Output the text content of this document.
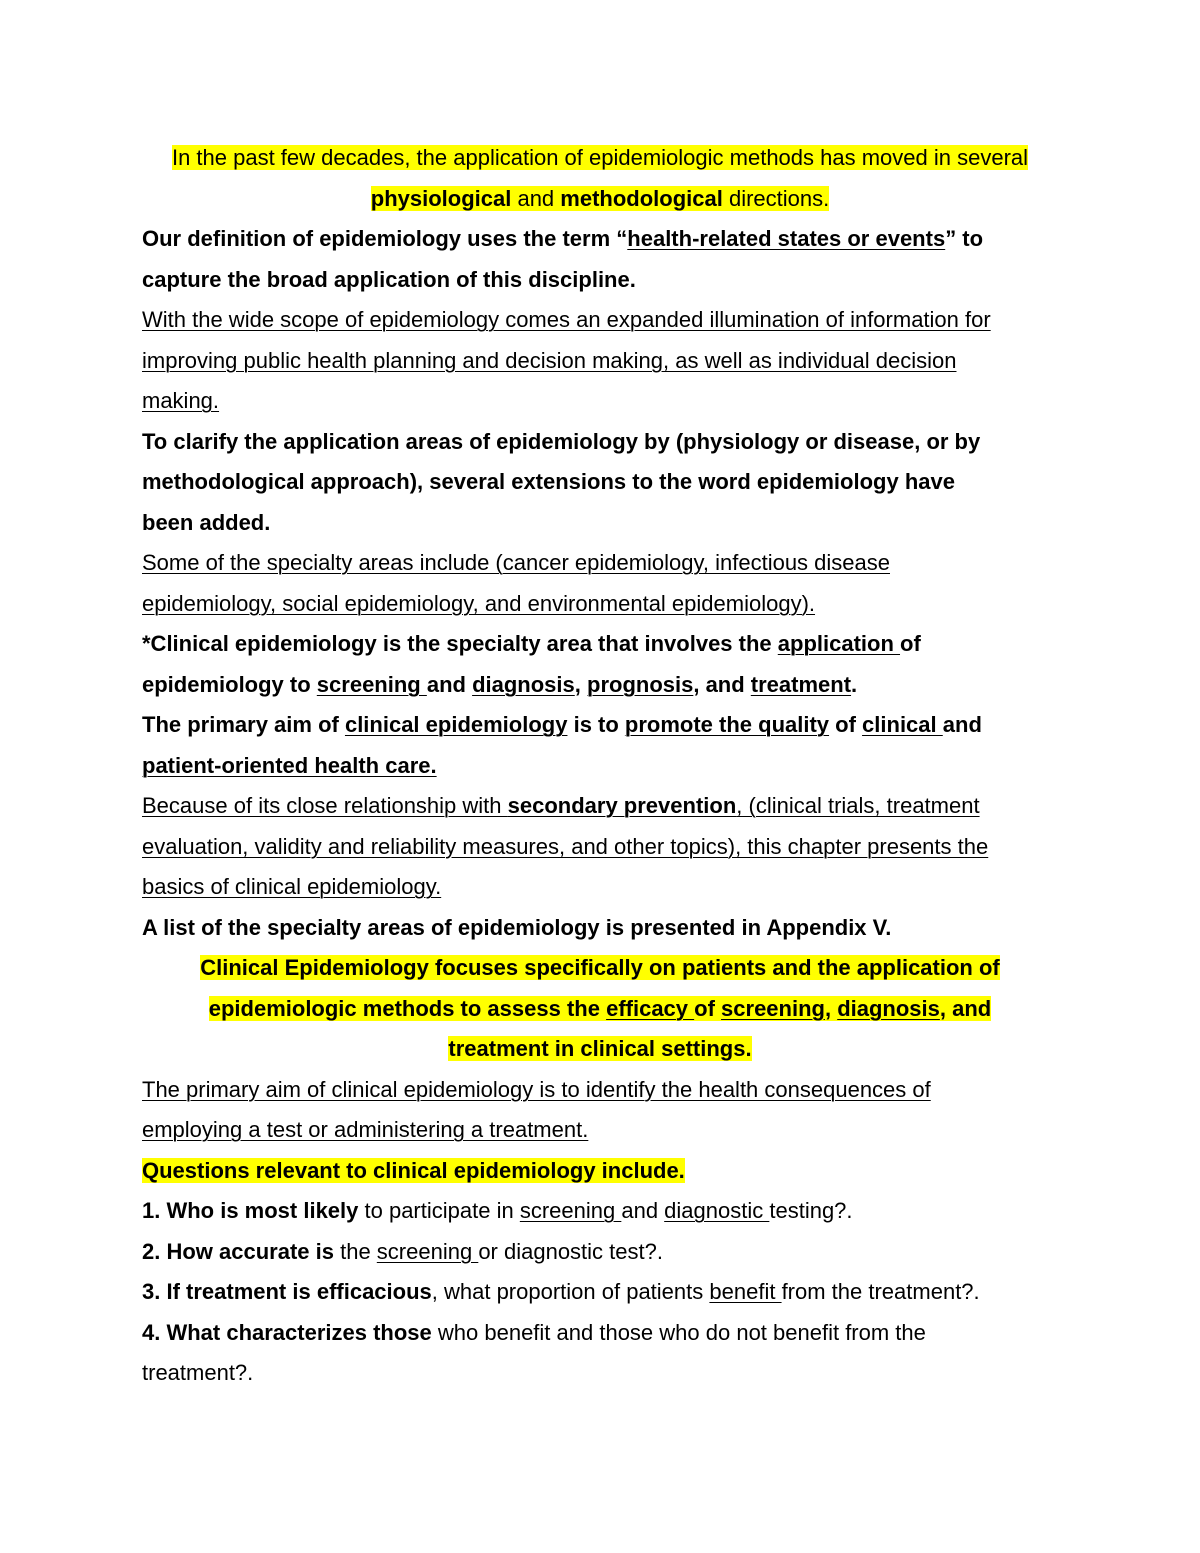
In the past few decades, the application of epidemiologic methods has moved in several
physiological and methodological directions.
Our definition of epidemiology uses the term “health-related states or events” to
capture the broad application of this discipline.
With the wide scope of epidemiology comes an expanded illumination of information for
improving public health planning and decision making, as well as individual decision
making.
To clarify the application areas of epidemiology by (physiology or disease, or by
methodological approach), several extensions to the word epidemiology have
been added.
Some of the specialty areas include (cancer epidemiology, infectious disease
epidemiology, social epidemiology, and environmental epidemiology).
*Clinical epidemiology is the specialty area that involves the application of
epidemiology to screening and diagnosis, prognosis, and treatment.
The primary aim of clinical epidemiology is to promote the quality of clinical and
patient-oriented health care.
Because of its close relationship with secondary prevention, (clinical trials, treatment
evaluation, validity and reliability measures, and other topics), this chapter presents the
basics of clinical epidemiology.
A list of the specialty areas of epidemiology is presented in Appendix V.
Clinical Epidemiology focuses specifically on patients and the application of
epidemiologic methods to assess the efficacy of screening, diagnosis, and
treatment in clinical settings.
The primary aim of clinical epidemiology is to identify the health consequences of
employing a test or administering a treatment.
Questions relevant to clinical epidemiology include.
1. Who is most likely to participate in screening and diagnostic testing?.
2. How accurate is the screening or diagnostic test?.
3. If treatment is efficacious, what proportion of patients benefit from the treatment?.
4. What characterizes those who benefit and those who do not benefit from the
treatment?.
